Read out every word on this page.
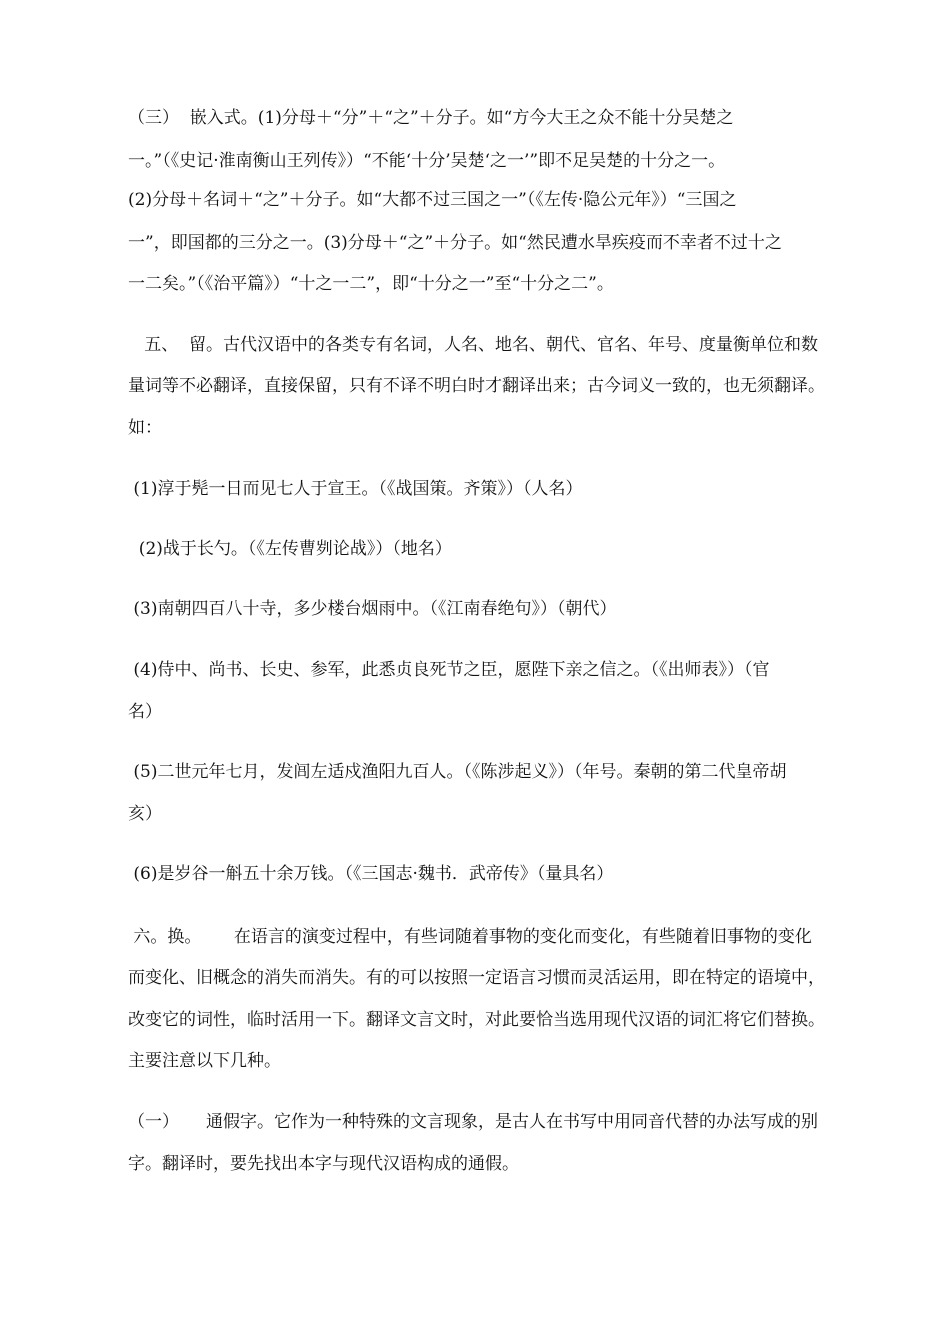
（三）  嵌入式。(1)分母＋“分”＋“之”＋分子。如“方今大王之众不能十分吴楚之
一。”（《史记·淮南衡山王列传》）“不能‘十分’吴楚‘之一’”即不足吴楚的十分之一。
(2)分母＋名词＋“之”＋分子。如“大都不过三国之一”（《左传·隐公元年》）“三国之
一”，即国都的三分之一。(3)分母＋“之”＋分子。如“然民遭水旱疾疫而不幸者不过十之
一二矣。”（《治平篇》）“十之一二”，即“十分之一”至“十分之二”。
五、  留。古代汉语中的各类专有名词，人名、地名、朝代、官名、年号、度量衡单位和数
量词等不必翻译，直接保留，只有不译不明白时才翻译出来；古今词义一致的，也无须翻译。
如：
(1)淳于髡一日而见七人于宣王。（《战国策。齐策》）（人名）
(2)战于长勺。（《左传曹刿论战》）（地名）
(3)南朝四百八十寺，多少楼台烟雨中。（《江南春绝句》）（朝代）
(4)侍中、尚书、长史、参军，此悉贞良死节之臣，愿陛下亲之信之。（《出师表》）（官
名）
(5)二世元年七月，发闾左适戍渔阳九百人。（《陈涉起义》）（年号。秦朝的第二代皇帝胡
亥）
(6)是岁谷一斛五十余万钱。（《三国志·魏书．武帝传》（量具名）
六。换。      在语言的演变过程中，有些词随着事物的变化而变化，有些随着旧事物的变化
而变化、旧概念的消失而消失。有的可以按照一定语言习惯而灵活运用，即在特定的语境中，
改变它的词性，临时活用一下。翻译文言文时，对此要恰当选用现代汉语的词汇将它们替换。
主要注意以下几种。
（一）     通假字。它作为一种特殊的文言现象，是古人在书写中用同音代替的办法写成的别
字。翻译时，要先找出本字与现代汉语构成的通假。
